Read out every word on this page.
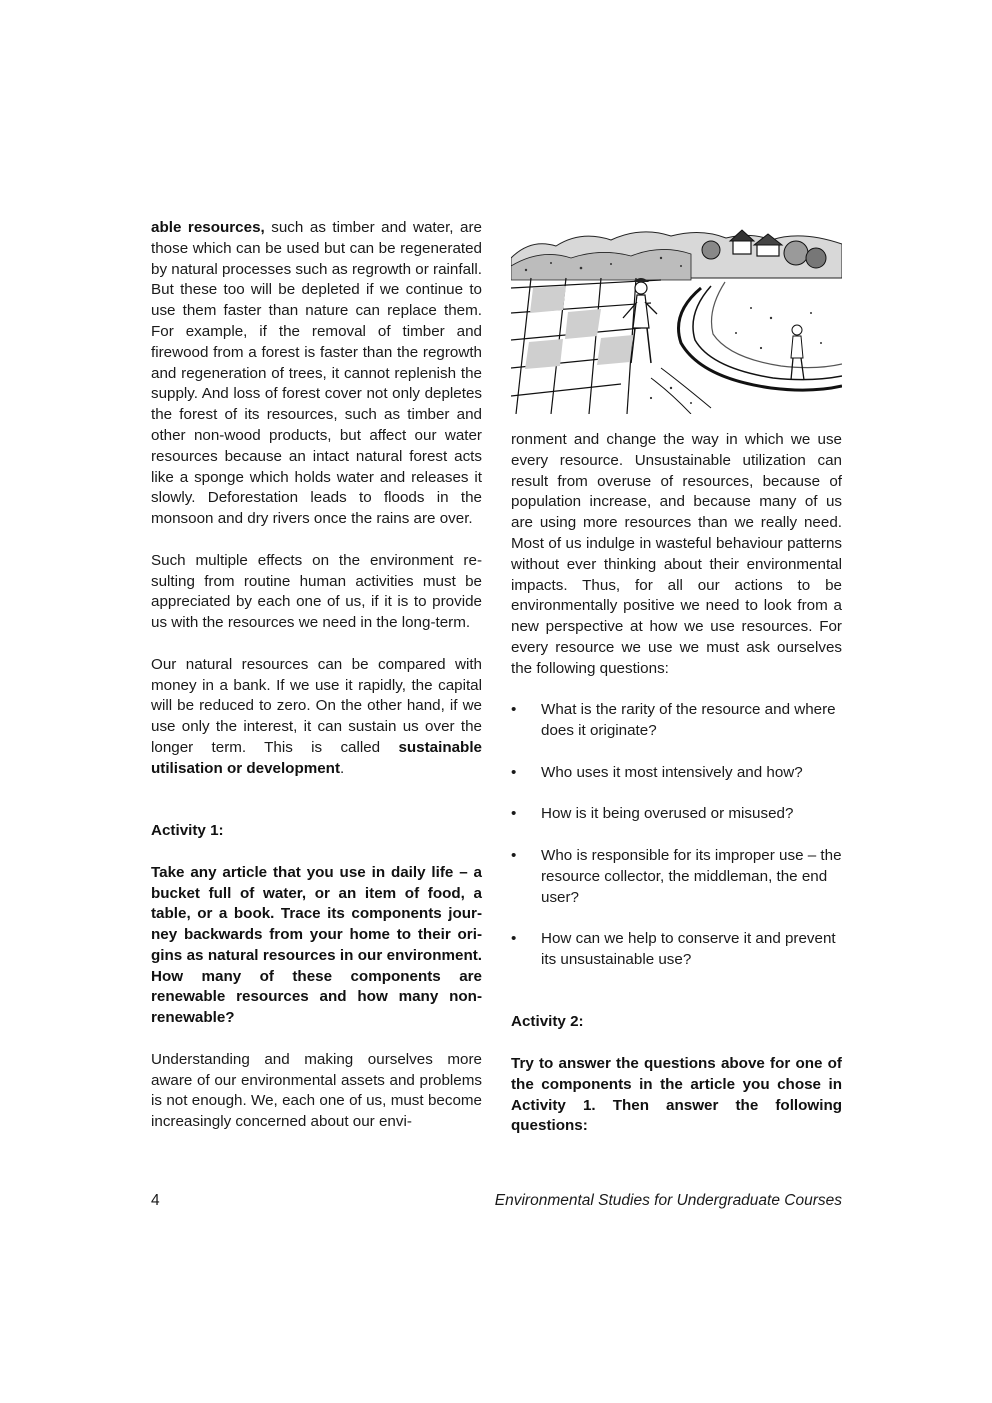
able resources, such as timber and water, are those which can be used but can be regenerated by natural processes such as regrowth or rainfall. But these too will be depleted if we continue to use them faster than nature can replace them. For example, if the removal of timber and firewood from a forest is faster than the regrowth and regeneration of trees, it cannot replenish the supply. And loss of forest cover not only depletes the forest of its resources, such as timber and other non-wood products, but affect our water resources because an intact natural forest acts like a sponge which holds water and releases it slowly. Deforestation leads to floods in the monsoon and dry rivers once the rains are over.

Such multiple effects on the environment resulting from routine human activities must be appreciated by each one of us, if it is to provide us with the resources we need in the long-term.

Our natural resources can be compared with money in a bank. If we use it rapidly, the capital will be reduced to zero. On the other hand, if we use only the interest, it can sustain us over the longer term. This is called sustainable utilisation or development.

Activity 1:

Take any article that you use in daily life – a bucket full of water, or an item of food, a table, or a book. Trace its components journey backwards from your home to their origins as natural resources in our environment. How many of these components are renewable resources and how many non-renewable?

Understanding and making ourselves more aware of our environmental assets and problems is not enough. We, each one of us, must become increasingly concerned about our envi-

ronment and change the way in which we use every resource. Unsustainable utilization can result from overuse of resources, because of population increase, and because many of us are using more resources than we really need. Most of us indulge in wasteful behaviour patterns without ever thinking about their environmental impacts. Thus, for all our actions to be environmentally positive we need to look from a new perspective at how we use resources. For every resource we use we must ask ourselves the following questions:

• What is the rarity of the resource and where does it originate?
• Who uses it most intensively and how?
• How is it being overused or misused?
• Who is responsible for its improper use – the resource collector, the middleman, the end user?
• How can we help to conserve it and prevent its unsustainable use?

Activity 2:

Try to answer the questions above for one of the components in the article you chose in Activity 1. Then answer the following questions:

4	Environmental Studies for Undergraduate Courses
